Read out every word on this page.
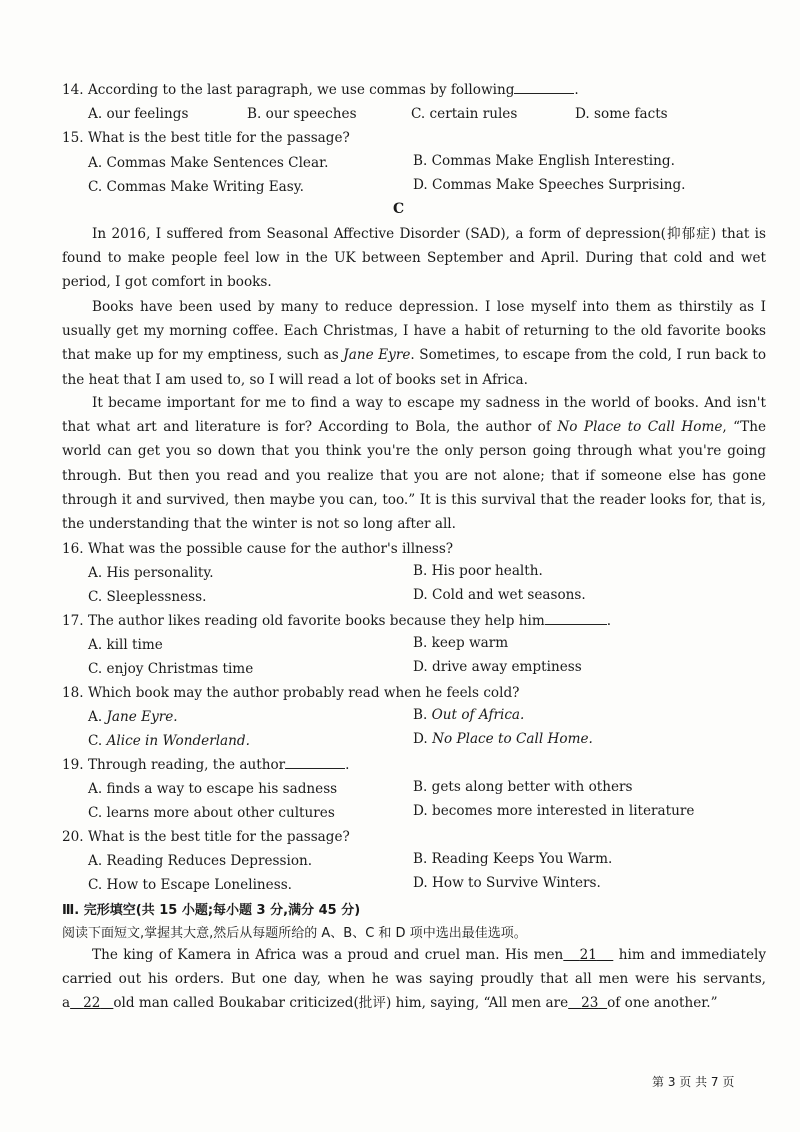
14. According to the last paragraph, we use commas by following	.
A. our feelings	B. our speeches	C. certain rules	D. some facts
15. What is the best title for the passage?
A. Commas Make Sentences Clear.	B. Commas Make English Interesting.
C. Commas Make Writing Easy.	D. Commas Make Speeches Surprising.
C
In 2016, I suffered from Seasonal Affective Disorder (SAD), a form of depression(抑郁症) that is found to make people feel low in the UK between September and April. During that cold and wet period, I got comfort in books.
Books have been used by many to reduce depression. I lose myself into them as thirstily as I usually get my morning coffee. Each Christmas, I have a habit of returning to the old favorite books that make up for my emptiness, such as Jane Eyre. Sometimes, to escape from the cold, I run back to the heat that I am used to, so I will read a lot of books set in Africa.
It became important for me to find a way to escape my sadness in the world of books. And isn't that what art and literature is for? According to Bola, the author of No Place to Call Home, “The world can get you so down that you think you're the only person going through what you're going through. But then you read and you realize that you are not alone; that if someone else has gone through it and survived, then maybe you can, too.” It is this survival that the reader looks for, that is, the understanding that the winter is not so long after all.
16. What was the possible cause for the author's illness?
A. His personality.	B. His poor health.
C. Sleeplessness.	D. Cold and wet seasons.
17. The author likes reading old favorite books because they help him	.
A. kill time	B. keep warm
C. enjoy Christmas time	D. drive away emptiness
18. Which book may the author probably read when he feels cold?
A. Jane Eyre.	B. Out of Africa.
C. Alice in Wonderland.	D. No Place to Call Home.
19. Through reading, the author	.
A. finds a way to escape his sadness	B. gets along better with others
C. learns more about other cultures	D. becomes more interested in literature
20. What is the best title for the passage?
A. Reading Reduces Depression.	B. Reading Keeps You Warm.
C. How to Escape Loneliness.	D. How to Survive Winters.
Ⅲ. 完形填空(共 15 小题;每小题 3 分,满分 45 分)
阅读下面短文,掌握其大意,然后从每题所给的 A、B、C 和 D 项中选出最佳选项。
The king of Kamera in Africa was a proud and cruel man. His men 21 him and immediately carried out his orders. But one day, when he was saying proudly that all men were his servants, a 22 old man called Boukabar criticized(批评) him, saying, “All men are 23 of one another.”
第 3 页 共 7 页
